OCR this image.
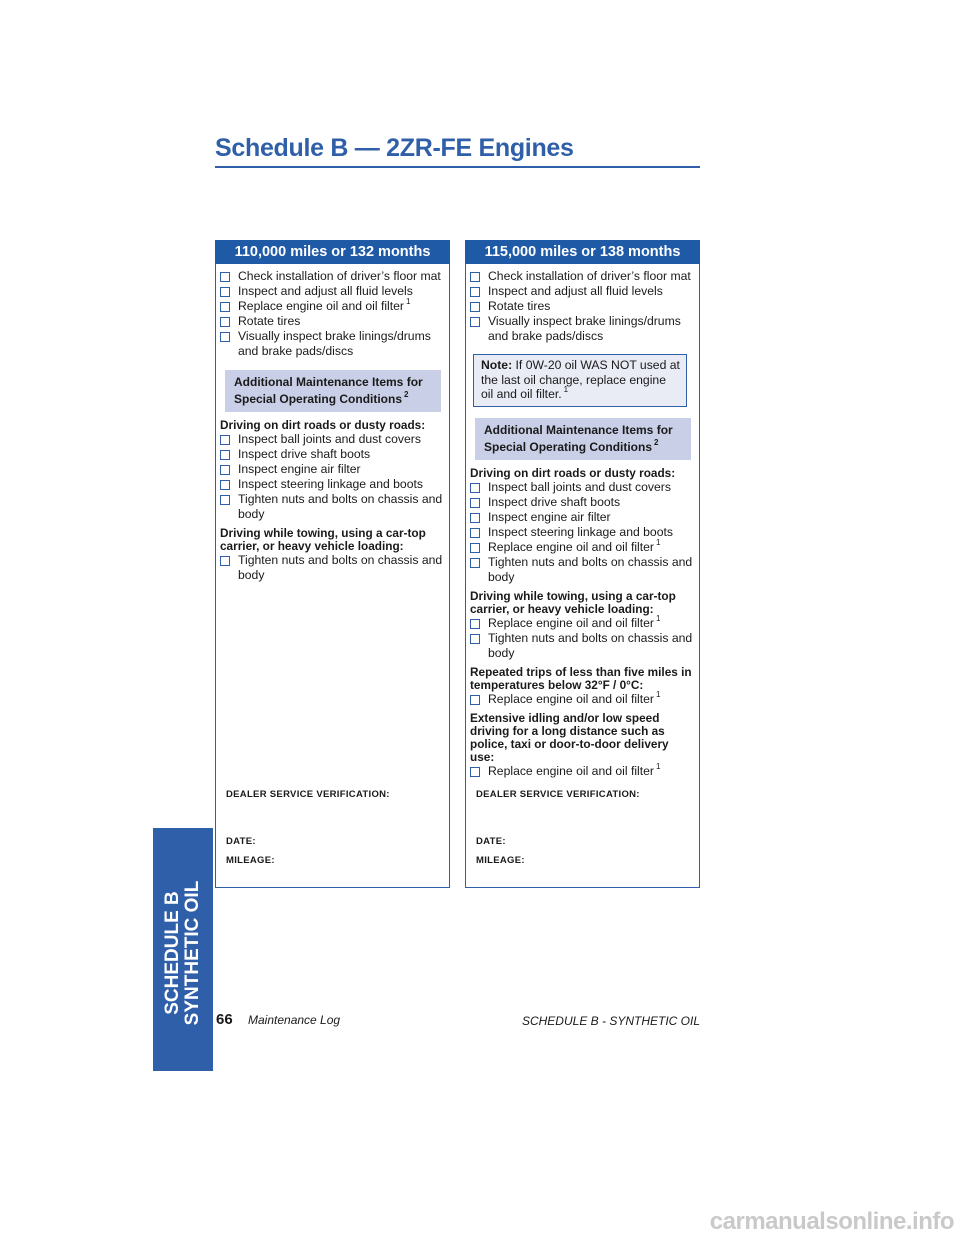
Schedule B — 2ZR-FE Engines
110,000 miles or 132 months
Check installation of driver’s floor mat
Inspect and adjust all fluid levels
Replace engine oil and oil filter $^1$
Rotate tires
Visually inspect brake linings/drums and brake pads/discs
Additional Maintenance Items for Special Operating Conditions $^2$
Driving on dirt roads or dusty roads:
Inspect ball joints and dust covers
Inspect drive shaft boots
Inspect engine air filter
Inspect steering linkage and boots
Tighten nuts and bolts on chassis and body
Driving while towing, using a car-top carrier, or heavy vehicle loading:
Tighten nuts and bolts on chassis and body
DEALER SERVICE VERIFICATION:
DATE:
MILEAGE:
115,000 miles or 138 months
Check installation of driver’s floor mat
Inspect and adjust all fluid levels
Rotate tires
Visually inspect brake linings/drums and brake pads/discs
Note: If 0W-20 oil WAS NOT used at the last oil change, replace engine oil and oil filter. $^1$
Additional Maintenance Items for Special Operating Conditions $^2$
Driving on dirt roads or dusty roads:
Inspect ball joints and dust covers
Inspect drive shaft boots
Inspect engine air filter
Inspect steering linkage and boots
Replace engine oil and oil filter $^1$
Tighten nuts and bolts on chassis and body
Driving while towing, using a car-top carrier, or heavy vehicle loading:
Replace engine oil and oil filter $^1$
Tighten nuts and bolts on chassis and body
Repeated trips of less than five miles in temperatures below 32°F / 0°C:
Replace engine oil and oil filter $^1$
Extensive idling and/or low speed driving for a long distance such as police, taxi or door-to-door delivery use:
Replace engine oil and oil filter $^1$
DEALER SERVICE VERIFICATION:
DATE:
MILEAGE:
SCHEDULE B SYNTHETIC OIL 66 Maintenance Log	SCHEDULE B - SYNTHETIC OIL
carmanualsonline.info
